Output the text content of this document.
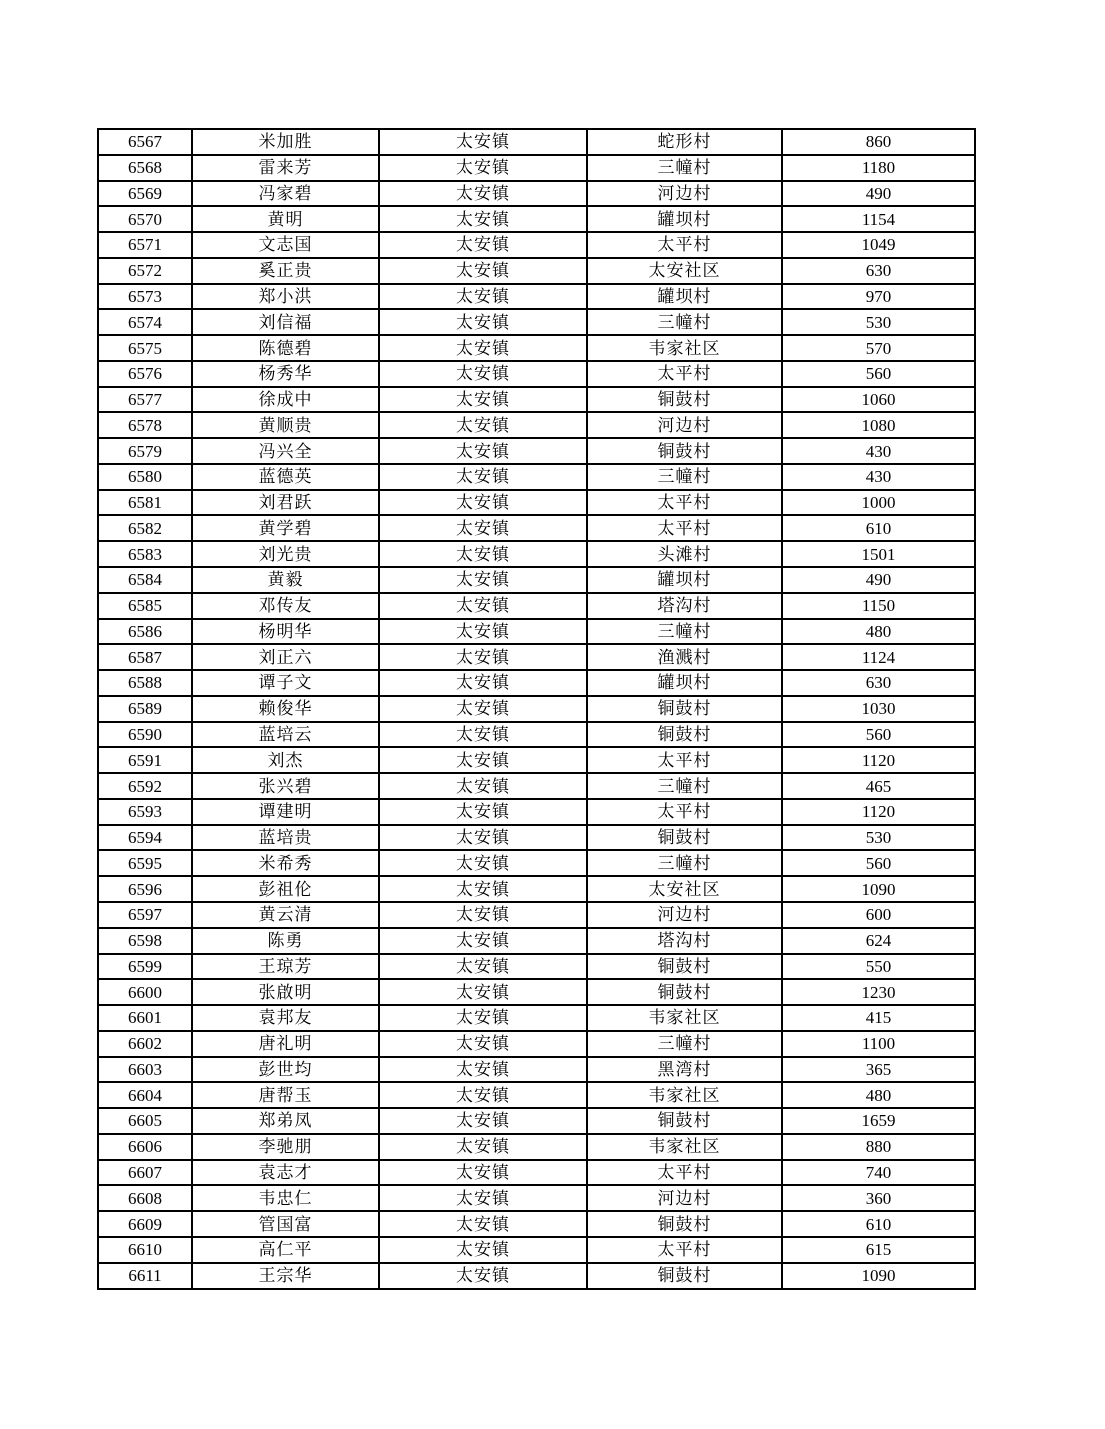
6567	米加胜	太安镇	蛇形村	860
6568	雷来芳	太安镇	三幢村	1180
6569	冯家碧	太安镇	河边村	490
6570	黄明	太安镇	罐坝村	1154
6571	文志国	太安镇	太平村	1049
6572	奚正贵	太安镇	太安社区	630
6573	郑小洪	太安镇	罐坝村	970
6574	刘信福	太安镇	三幢村	530
6575	陈德碧	太安镇	韦家社区	570
6576	杨秀华	太安镇	太平村	560
6577	徐成中	太安镇	铜鼓村	1060
6578	黄顺贵	太安镇	河边村	1080
6579	冯兴全	太安镇	铜鼓村	430
6580	蓝德英	太安镇	三幢村	430
6581	刘君跃	太安镇	太平村	1000
6582	黄学碧	太安镇	太平村	610
6583	刘光贵	太安镇	头滩村	1501
6584	黄毅	太安镇	罐坝村	490
6585	邓传友	太安镇	塔沟村	1150
6586	杨明华	太安镇	三幢村	480
6587	刘正六	太安镇	渔溅村	1124
6588	谭子文	太安镇	罐坝村	630
6589	赖俊华	太安镇	铜鼓村	1030
6590	蓝培云	太安镇	铜鼓村	560
6591	刘杰	太安镇	太平村	1120
6592	张兴碧	太安镇	三幢村	465
6593	谭建明	太安镇	太平村	1120
6594	蓝培贵	太安镇	铜鼓村	530
6595	米希秀	太安镇	三幢村	560
6596	彭祖伦	太安镇	太安社区	1090
6597	黄云清	太安镇	河边村	600
6598	陈勇	太安镇	塔沟村	624
6599	王琼芳	太安镇	铜鼓村	550
6600	张啟明	太安镇	铜鼓村	1230
6601	袁邦友	太安镇	韦家社区	415
6602	唐礼明	太安镇	三幢村	1100
6603	彭世均	太安镇	黑湾村	365
6604	唐帮玉	太安镇	韦家社区	480
6605	郑弟凤	太安镇	铜鼓村	1659
6606	李驰朋	太安镇	韦家社区	880
6607	袁志才	太安镇	太平村	740
6608	韦忠仁	太安镇	河边村	360
6609	管国富	太安镇	铜鼓村	610
6610	高仁平	太安镇	太平村	615
6611	王宗华	太安镇	铜鼓村	1090
